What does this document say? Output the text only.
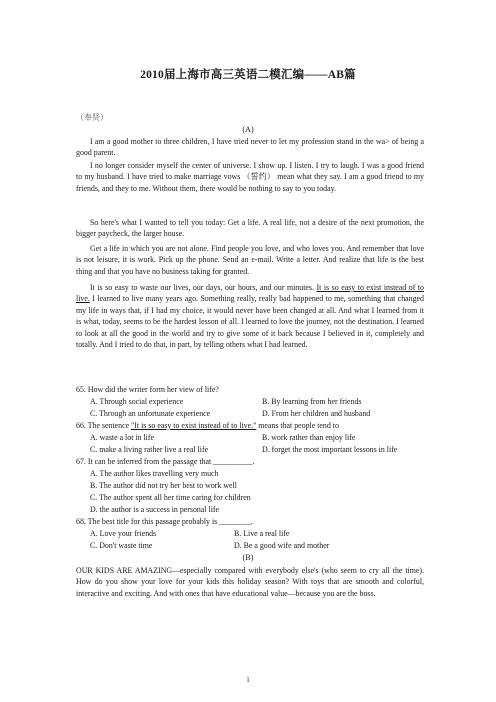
2010届上海市高三英语二模汇编——AB篇
（奉贤）
(A)
I am a good mother to three children, I have tried never to let my profession stand in the wa> of being a good parent.
I no longer consider myself the center of universe. I show up. I listen. I try to laugh. I was a good friend to my husband. I have tried to make marriage vows （誓约） mean what they say. I am a good friend to my friends, and they to me. Without them, there would be nothing to say to you today.
So here's what I wanted to tell you today: Get a life. A real life, not a desire of the next promotion, the bigger paycheck, the larger house.
Get a life in which you are not alone. Find people you love, and who loves you. And remember that love is not leisure, it is work. Pick up the phone. Send an e-mail. Write a letter. And realize that life is the best thing and that you have no business taking for granted.
It is so easy to waste our lives, our days, our hours, and our minutes. It is so easy to exist instead of to live. I learned to live many years ago. Something really, really bad happened to me, something that changed my life in ways that, if I had my choice, it would never have been changed at all. And what I learned from it is what, today, seems to be the hardest lesson of all. I learned to love the journey, not the destination. I learned to look at all the good in the world and try to give some of it back because I believed in it, completely and totally. And I tried to do that, in part, by telling others what I had learned.
65. How did the writer form her view of life?
A. Through social experience	B. By learning from her friends
C. Through an unfortunate experience	D. From her children and husband
66. The sentence "It is so easy to exist instead of to live." means that people tend to
A. waste a lot in life	B. work rather than enjoy life
C. make a living rather live a real life	D. forget the most important lessons in life
67. It can be inferred from the passage that __________.
A. The author likes travelling very much
B. The author did not try her best to work well
C. The author spent all her time caring for children
D. the author is a success in personal life
68. The best title for this passage probably is ________.
A. Love your friends	B. Live a real life
C. Don't waste time	D. Be a good wife and mother
(B)
OUR KIDS ARE AMAZING—especially compared with everybody else's (who seem to cry all the time). How do you show your love for your kids this holiday season? With toys that are smooth and colorful, interactive and exciting. And with ones that have educational value—because you are the boss.
1
